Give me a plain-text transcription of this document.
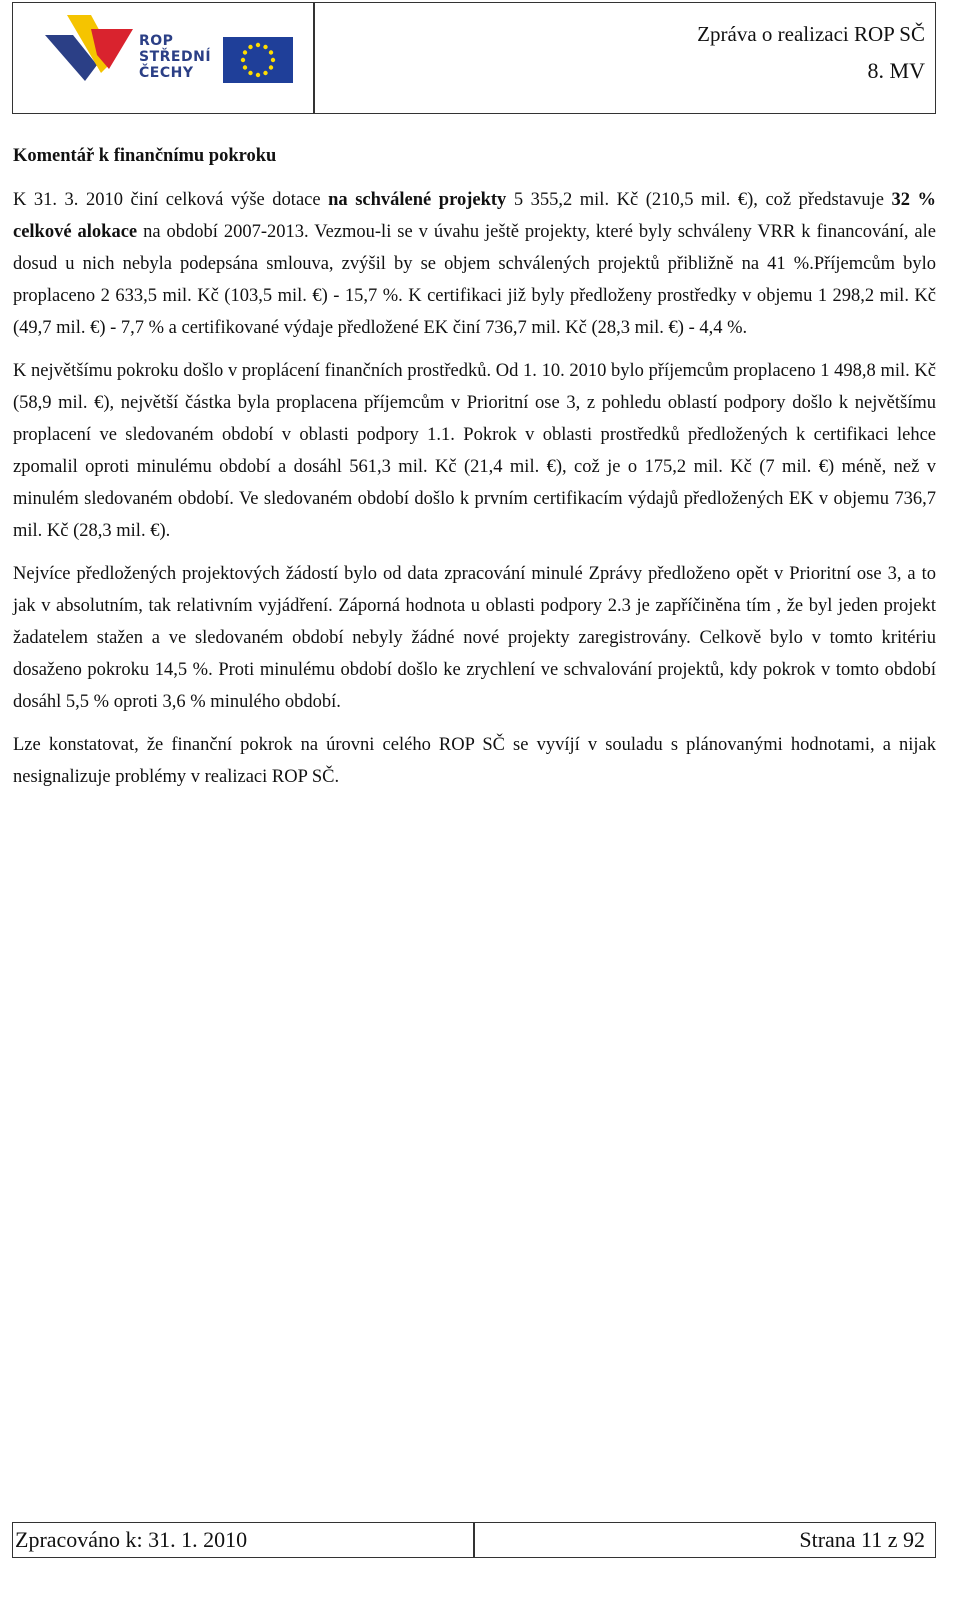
ROP
STŘEDNÍ
ČECHY
Zpráva o realizaci ROP SČ
8. MV
Komentář k finančnímu pokroku

K 31. 3. 2010 činí celková výše dotace na schválené projekty 5 355,2 mil. Kč (210,5 mil. €), což představuje 32 % celkové alokace na období 2007-2013. Vezmou-li se v úvahu ještě projekty, které byly schváleny VRR k financování, ale dosud u nich nebyla podepsána smlouva, zvýšil by se objem schválených projektů přibližně na 41 %.Příjemcům bylo proplaceno 2 633,5 mil. Kč (103,5 mil. €) - 15,7 %. K certifikaci již byly předloženy prostředky v objemu 1 298,2 mil. Kč (49,7 mil. €) - 7,7 % a certifikované výdaje předložené EK činí 736,7 mil. Kč (28,3 mil. €) - 4,4 %.

K největšímu pokroku došlo v proplácení finančních prostředků. Od 1. 10. 2010 bylo příjemcům proplaceno 1 498,8 mil. Kč (58,9 mil. €), největší částka byla proplacena příjemcům v Prioritní ose 3, z pohledu oblastí podpory došlo k největšímu proplacení ve sledovaném období v oblasti podpory 1.1. Pokrok v oblasti prostředků předložených k certifikaci lehce zpomalil oproti minulému období a dosáhl 561,3 mil. Kč (21,4 mil. €), což je o 175,2 mil. Kč (7 mil. €) méně, než v minulém sledovaném období. Ve sledovaném období došlo k prvním certifikacím výdajů předložených EK v objemu 736,7 mil. Kč (28,3 mil. €).

Nejvíce předložených projektových žádostí bylo od data zpracování minulé Zprávy předloženo opět v Prioritní ose 3, a to jak v absolutním, tak relativním vyjádření. Záporná hodnota u oblasti podpory 2.3 je zapříčiněna tím , že byl jeden projekt žadatelem stažen a ve sledovaném období nebyly žádné nové projekty zaregistrovány. Celkově bylo v tomto kritériu dosaženo pokroku 14,5 %. Proti minulému období došlo ke zrychlení ve schvalování projektů, kdy pokrok v tomto období dosáhl 5,5 % oproti 3,6 % minulého období.

Lze konstatovat, že finanční pokrok na úrovni celého ROP SČ se vyvíjí v souladu s plánovanými hodnotami, a nijak nesignalizuje problémy v realizaci ROP SČ.

Zpracováno k: 31. 1. 2010	Strana 11 z 92
